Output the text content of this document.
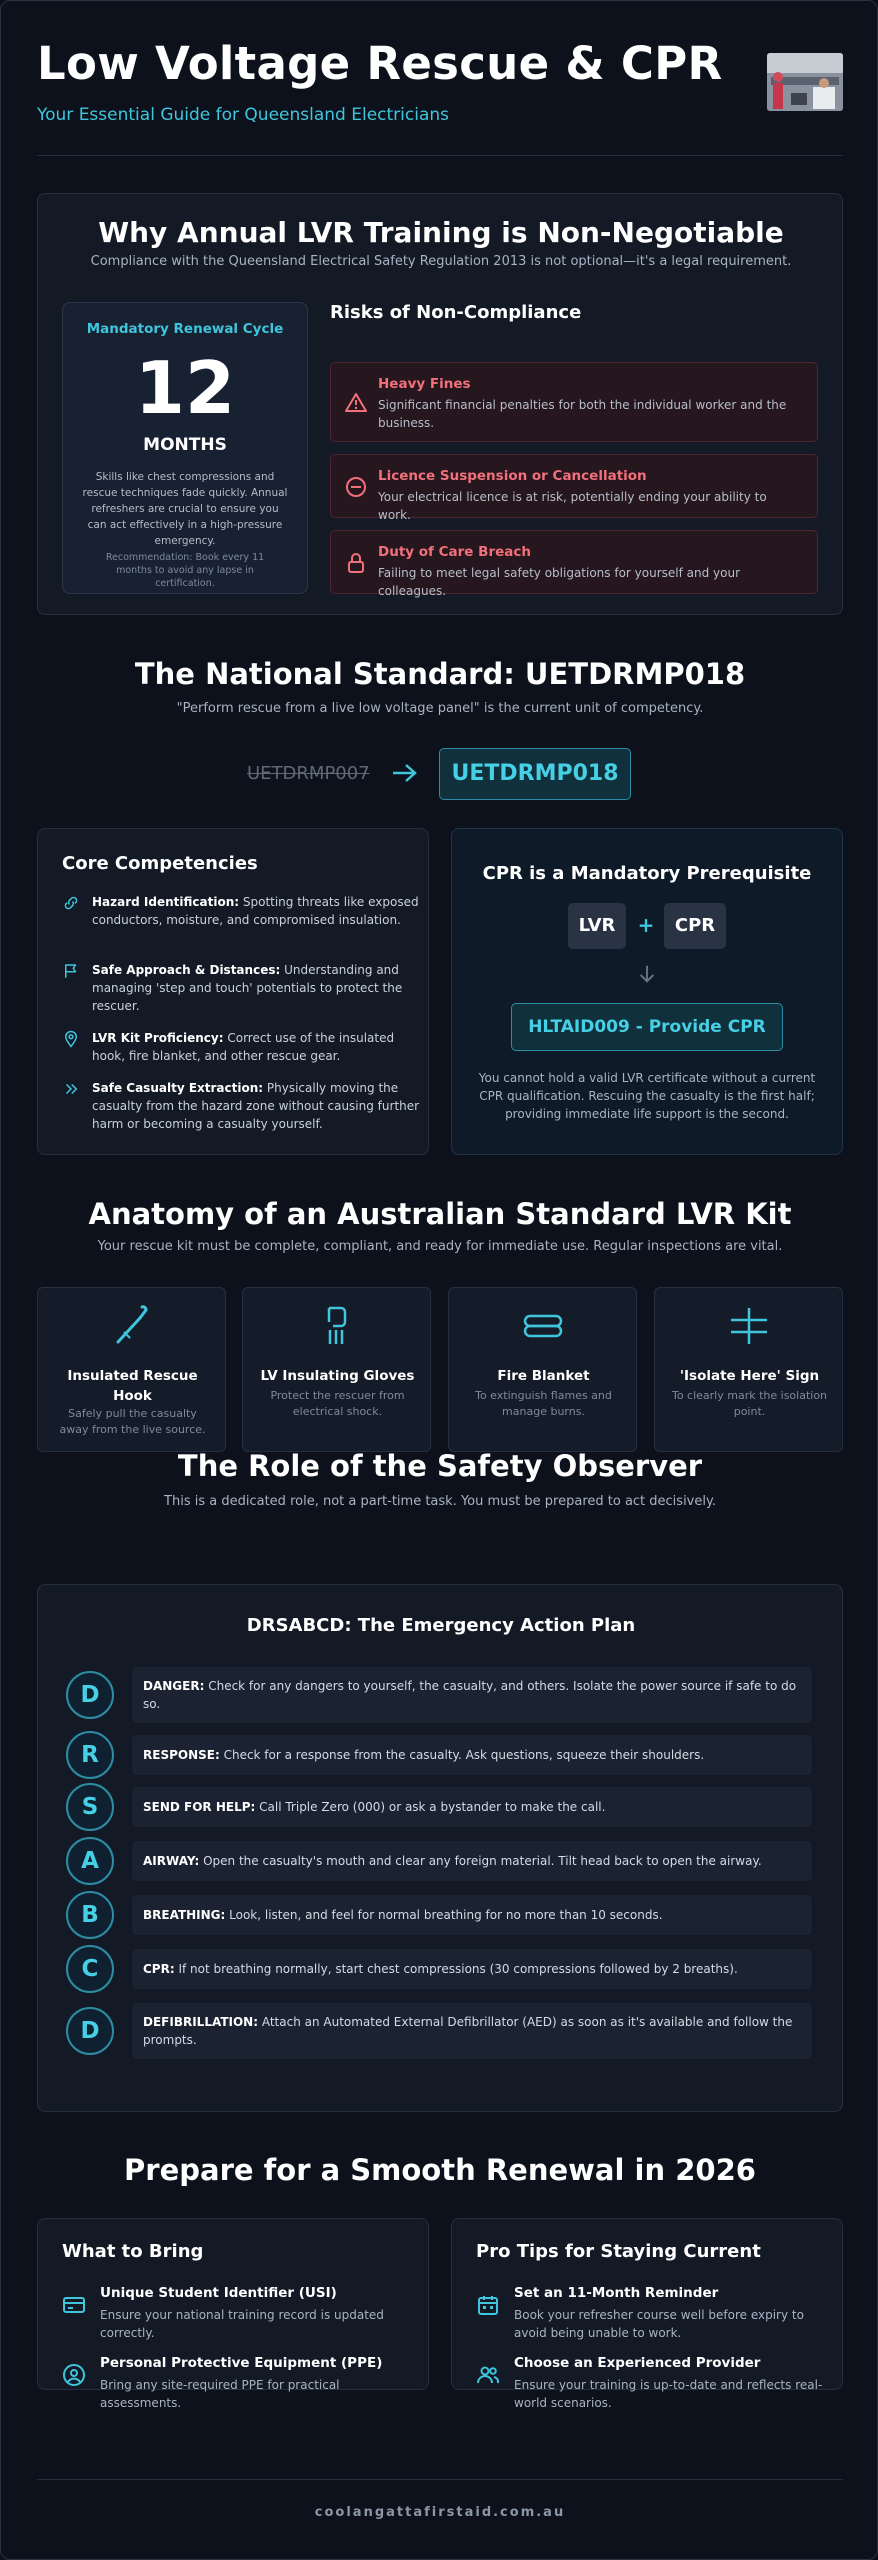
Low Voltage Rescue & CPR
Your Essential Guide for Queensland Electricians
Why Annual LVR Training is Non-Negotiable
Compliance with the Queensland Electrical Safety Regulation 2013 is not optional—it's a legal requirement.
Mandatory Renewal Cycle
12
MONTHS
Skills like chest compressions and rescue techniques fade quickly. Annual refreshers are crucial to ensure you can act effectively in a high-pressure emergency.
Recommendation: Book every 11 months to avoid any lapse in certification.
Risks of Non-Compliance
Heavy Fines
Significant financial penalties for both the individual worker and the business.
Licence Suspension or Cancellation
Your electrical licence is at risk, potentially ending your ability to work.
Duty of Care Breach
Failing to meet legal safety obligations for yourself and your colleagues.
The National Standard: UETDRMP018
"Perform rescue from a live low voltage panel" is the current unit of competency.
UETDRMP007	UETDRMP018
Core Competencies
Hazard Identification: Spotting threats like exposed conductors, moisture, and compromised insulation.
Safe Approach & Distances: Understanding and managing 'step and touch' potentials to protect the rescuer.
LVR Kit Proficiency: Correct use of the insulated hook, fire blanket, and other rescue gear.
Safe Casualty Extraction: Physically moving the casualty from the hazard zone without causing further harm or becoming a casualty yourself.
CPR is a Mandatory Prerequisite
LVR	+	CPR
HLTAID009 - Provide CPR
You cannot hold a valid LVR certificate without a current CPR qualification. Rescuing the casualty is the first half; providing immediate life support is the second.
Anatomy of an Australian Standard LVR Kit
Your rescue kit must be complete, compliant, and ready for immediate use. Regular inspections are vital.
Insulated Rescue Hook
Safely pull the casualty away from the live source.
LV Insulating Gloves
Protect the rescuer from electrical shock.
Fire Blanket
To extinguish flames and manage burns.
'Isolate Here' Sign
To clearly mark the isolation point.
The Role of the Safety Observer
This is a dedicated role, not a part-time task. You must be prepared to act decisively.
DRSABCD: The Emergency Action Plan
D	DANGER: Check for any dangers to yourself, the casualty, and others. Isolate the power source if safe to do so.
R	RESPONSE: Check for a response from the casualty. Ask questions, squeeze their shoulders.
S	SEND FOR HELP: Call Triple Zero (000) or ask a bystander to make the call.
A	AIRWAY: Open the casualty's mouth and clear any foreign material. Tilt head back to open the airway.
B	BREATHING: Look, listen, and feel for normal breathing for no more than 10 seconds.
C	CPR: If not breathing normally, start chest compressions (30 compressions followed by 2 breaths).
D	DEFIBRILLATION: Attach an Automated External Defibrillator (AED) as soon as it's available and follow the prompts.
Prepare for a Smooth Renewal in 2026
What to Bring
Unique Student Identifier (USI)
Ensure your national training record is updated correctly.
Personal Protective Equipment (PPE)
Bring any site-required PPE for practical assessments.
Pro Tips for Staying Current
Set an 11-Month Reminder
Book your refresher course well before expiry to avoid being unable to work.
Choose an Experienced Provider
Ensure your training is up-to-date and reflects real-world scenarios.
coolangattafirstaid.com.au
